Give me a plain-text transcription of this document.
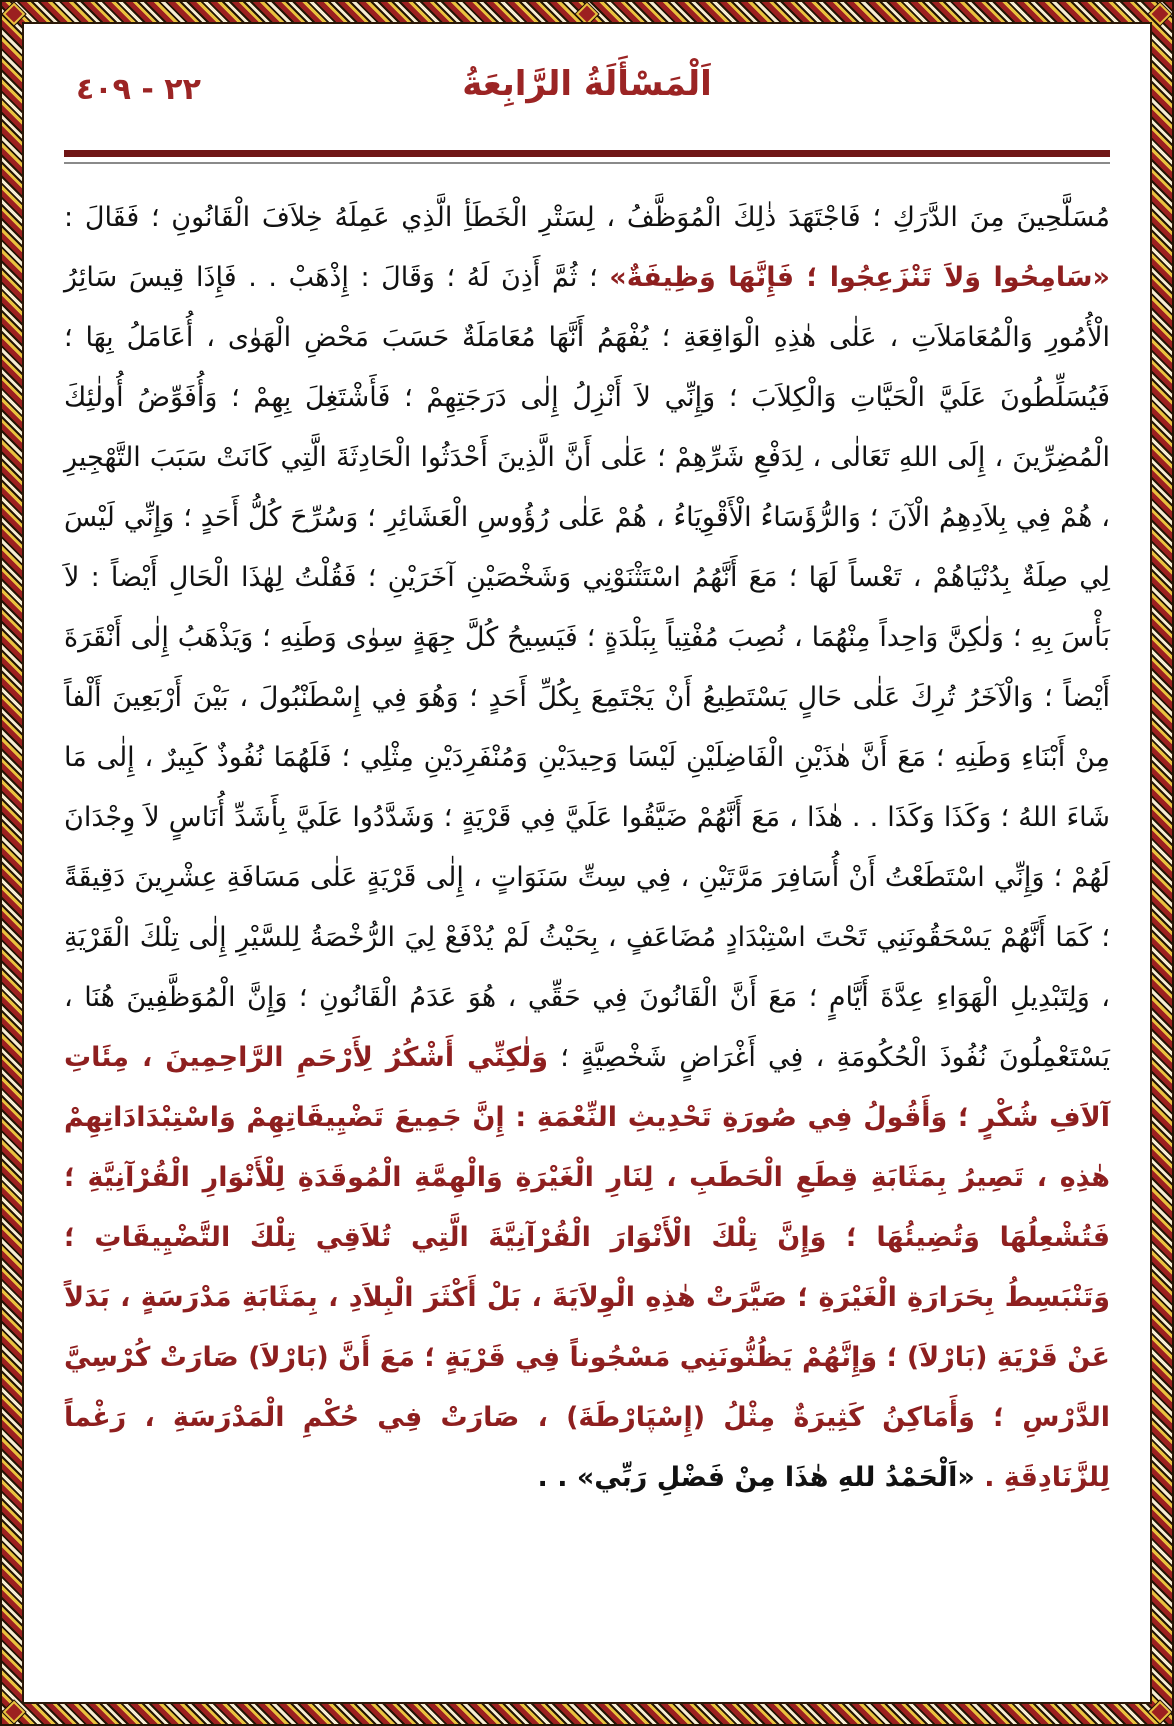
٢٢ - ٤٠٩	اَلْمَسْأَلَةُ الرَّابِعَةُ

مُسَلَّحِينَ مِنَ الدَّرَكِ ؛ فَاجْتَهَدَ ذٰلِكَ الْمُوَظَّفُ ، لِسَتْرِ الْخَطَأِ الَّذِي عَمِلَهُ خِلاَفَ الْقَانُونِ ؛ فَقَالَ : «سَامِحُوا وَلاَ تَنْزَعِجُوا ؛ فَإِنَّهَا وَظِيفَةٌ» ؛ ثُمَّ أَذِنَ لَهُ ؛ وَقَالَ : إِذْهَبْ . . فَإِذَا قِيسَ سَائِرُ الْأُمُورِ وَالْمُعَامَلاَتِ ، عَلٰى هٰذِهِ الْوَاقِعَةِ ؛ يُفْهَمُ أَنَّهَا مُعَامَلَةٌ حَسَبَ مَحْضِ الْهَوٰى ، أُعَامَلُ بِهَا ؛ فَيُسَلِّطُونَ عَلَيَّ الْحَيَّاتِ وَالْكِلاَبَ ؛ وَإِنِّي لاَ أَنْزِلُ إِلٰى دَرَجَتِهِمْ ؛ فَأَشْتَغِلَ بِهِمْ ؛ وَأُفَوِّضُ أُولٰئِكَ الْمُضِرِّينَ ، إِلَى اللهِ تَعَالٰى ، لِدَفْعِ شَرِّهِمْ ؛ عَلٰى أَنَّ الَّذِينَ أَحْدَثُوا الْحَادِثَةَ الَّتِي كَانَتْ سَبَبَ التَّهْجِيرِ ، هُمْ فِي بِلاَدِهِمُ الْآنَ ؛ وَالرُّؤَسَاءُ الْأَقْوِيَاءُ ، هُمْ عَلٰى رُؤُوسِ الْعَشَائِرِ ؛ وَسُرِّحَ كُلُّ أَحَدٍ ؛ وَإِنِّي لَيْسَ لِي صِلَةٌ بِدُنْيَاهُمْ ، تَعْساً لَهَا ؛ مَعَ أَنَّهُمُ اسْتَثْنَوْنِي وَشَخْصَيْنِ آخَرَيْنِ ؛ فَقُلْتُ لِهٰذَا الْحَالِ أَيْضاً : لاَ بَأْسَ بِهِ ؛ وَلٰكِنَّ وَاحِداً مِنْهُمَا ، نُصِبَ مُفْتِياً بِبَلْدَةٍ ؛ فَيَسِيحُ كُلَّ جِهَةٍ سِوٰى وَطَنِهِ ؛ وَيَذْهَبُ إِلٰى أَنْقَرَةَ أَيْضاً ؛ وَالْآخَرُ تُرِكَ عَلٰى حَالٍ يَسْتَطِيعُ أَنْ يَجْتَمِعَ بِكُلِّ أَحَدٍ ؛ وَهُوَ فِي إِسْطَنْبُولَ ، بَيْنَ أَرْبَعِينَ أَلْفاً مِنْ أَبْنَاءِ وَطَنِهِ ؛ مَعَ أَنَّ هٰذَيْنِ الْفَاضِلَيْنِ لَيْسَا وَحِيدَيْنِ وَمُنْفَرِدَيْنِ مِثْلِي ؛ فَلَهُمَا نُفُوذٌ كَبِيرٌ ، إِلٰى مَا شَاءَ اللهُ ؛ وَكَذَا وَكَذَا . . هٰذَا ، مَعَ أَنَّهُمْ ضَيَّقُوا عَلَيَّ فِي قَرْيَةٍ ؛ وَشَدَّدُوا عَلَيَّ بِأَشَدِّ أُنَاسٍ لاَ وِجْدَانَ لَهُمْ ؛ وَإِنِّي اسْتَطَعْتُ أَنْ أُسَافِرَ مَرَّتَيْنِ ، فِي سِتِّ سَنَوَاتٍ ، إِلٰى قَرْيَةٍ عَلٰى مَسَافَةِ عِشْرِينَ دَقِيقَةً ؛ كَمَا أَنَّهُمْ يَسْحَقُونَنِي تَحْتَ اسْتِبْدَادٍ مُضَاعَفٍ ، بِحَيْثُ لَمْ يُدْفَعْ لِيَ الرُّخْصَةُ لِلسَّيْرِ إِلٰى تِلْكَ الْقَرْيَةِ ، وَلِتَبْدِيلِ الْهَوَاءِ عِدَّةَ أَيَّامٍ ؛ مَعَ أَنَّ الْقَانُونَ فِي حَقِّي ، هُوَ عَدَمُ الْقَانُونِ ؛ وَإِنَّ الْمُوَظَّفِينَ هُنَا ، يَسْتَعْمِلُونَ نُفُوذَ الْحُكُومَةِ ، فِي أَغْرَاضٍ شَخْصِيَّةٍ ؛ وَلٰكِنِّي أَشْكُرُ لِأَرْحَمِ الرَّاحِمِينَ ، مِئَاتِ آلاَفِ شُكْرٍ ؛ وَأَقُولُ فِي صُورَةِ تَحْدِيثِ النِّعْمَةِ : إِنَّ جَمِيعَ تَضْيِيقَاتِهِمْ وَاسْتِبْدَادَاتِهِمْ هٰذِهِ ، تَصِيرُ بِمَثَابَةِ قِطَعِ الْحَطَبِ ، لِنَارِ الْغَيْرَةِ وَالْهِمَّةِ الْمُوقَدَةِ لِلْأَنْوَارِ الْقُرْآنِيَّةِ ؛ فَتُشْعِلُهَا وَتُضِيئُهَا ؛ وَإِنَّ تِلْكَ الْأَنْوَارَ الْقُرْآنِيَّةَ الَّتِي تُلاَقِي تِلْكَ التَّضْيِيقَاتِ ؛ وَتَنْبَسِطُ بِحَرَارَةِ الْغَيْرَةِ ؛ صَيَّرَتْ هٰذِهِ الْوِلاَيَةَ ، بَلْ أَكْثَرَ الْبِلاَدِ ، بِمَثَابَةِ مَدْرَسَةٍ ، بَدَلاً عَنْ قَرْيَةِ (بَارْلاَ) ؛ وَإِنَّهُمْ يَظُنُّونَنِي مَسْجُوناً فِي قَرْيَةٍ ؛ مَعَ أَنَّ (بَارْلاَ) صَارَتْ كُرْسِيَّ الدَّرْسِ ؛ وَأَمَاكِنُ كَثِيرَةٌ مِثْلُ (إِسْپَارْطَةَ) ، صَارَتْ فِي حُكْمِ الْمَدْرَسَةِ ، رَغْماً لِلزَّنَادِقَةِ . «اَلْحَمْدُ للهِ هٰذَا مِنْ فَضْلِ رَبِّي» . .
